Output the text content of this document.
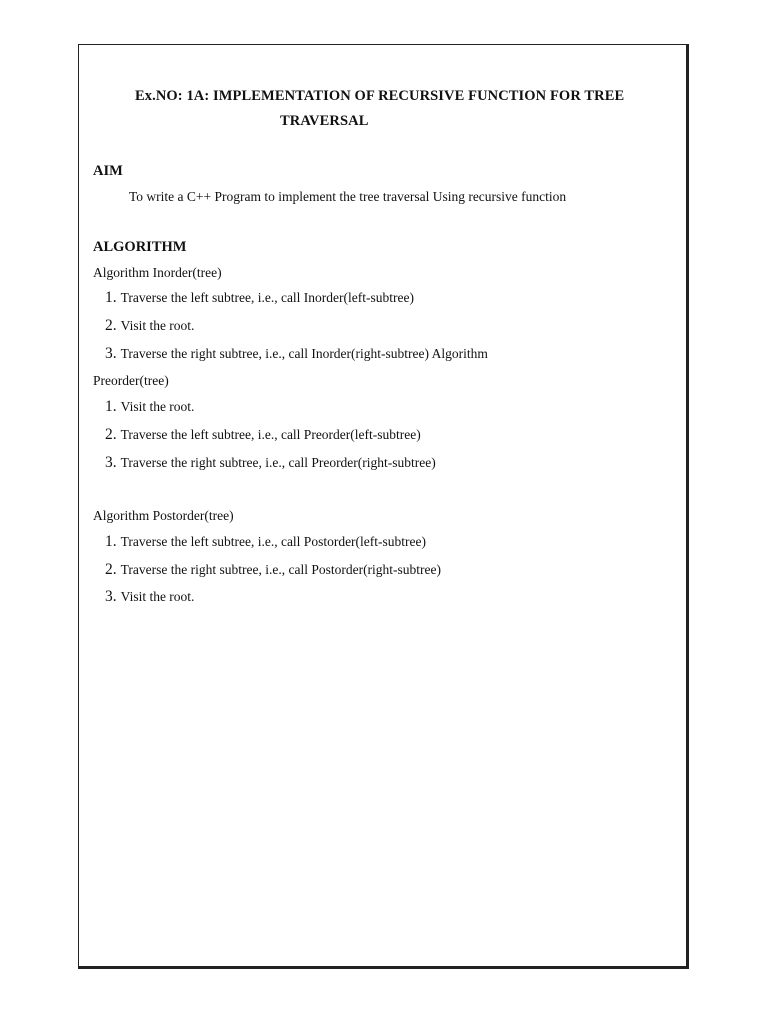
Ex.NO: 1A: IMPLEMENTATION OF RECURSIVE FUNCTION FOR TREE
TRAVERSAL
AIM
To write a C++ Program to implement the tree traversal Using recursive function
ALGORITHM
Algorithm Inorder(tree)
1. Traverse the left subtree, i.e., call Inorder(left-subtree)
2. Visit the root.
3. Traverse the right subtree, i.e., call Inorder(right-subtree) Algorithm
Preorder(tree)
1. Visit the root.
2. Traverse the left subtree, i.e., call Preorder(left-subtree)
3. Traverse the right subtree, i.e., call Preorder(right-subtree)
Algorithm Postorder(tree)
1. Traverse the left subtree, i.e., call Postorder(left-subtree)
2. Traverse the right subtree, i.e., call Postorder(right-subtree)
3. Visit the root.
